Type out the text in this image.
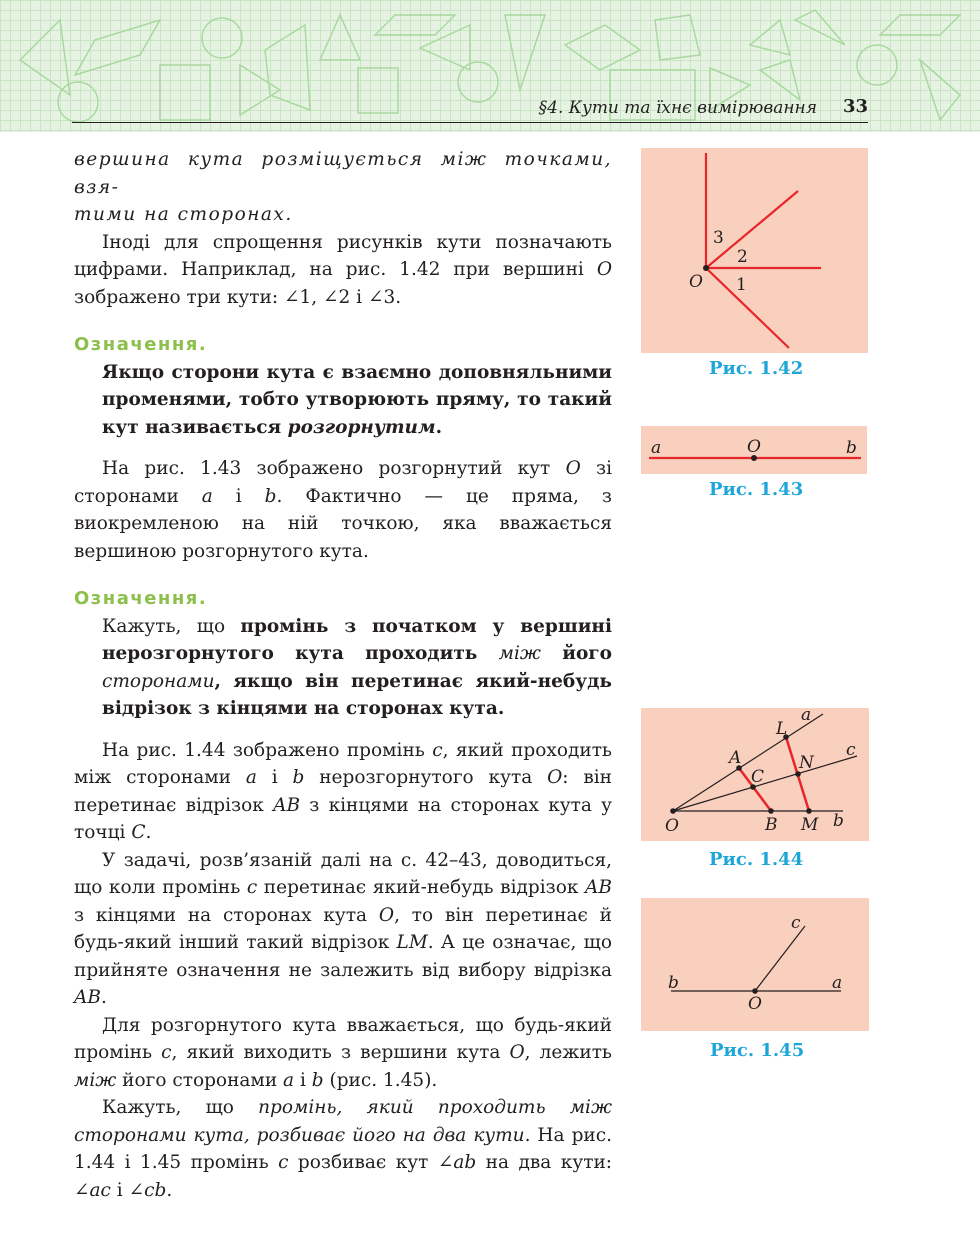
§4. Кути та їхнє вимірювання 33

вершина кута розміщується між точками, взя-
тими на сторонах.

Іноді для спрощення рисунків кути позначають цифрами. Наприклад, на рис. 1.42 при вершині O зображено три кути: ∠1, ∠2 і ∠3.

Означення.

Якщо сторони кута є взаємно доповняльними променями, тобто утворюють пряму, то такий кут називається розгорнутим.

На рис. 1.43 зображено розгорнутий кут O зі сторонами a і b. Фактично — це пряма, з виокремленою на ній точкою, яка вважається вершиною розгорнутого кута.

Означення.

Кажуть, що промінь з початком у вершині нерозгорнутого кута проходить між його сторонами, якщо він перетинає який-небудь відрізок з кінцями на сторонах кута.

На рис. 1.44 зображено промінь c, який проходить між сторонами a і b нерозгорнутого кута O: він перетинає відрізок AB з кінцями на сторонах кута у точці C.

У задачі, розв’язаній далі на с. 42–43, доводиться, що коли промінь c перетинає який-небудь відрізок AB з кінцями на сторонах кута O, то він перетинає й будь-який інший такий відрізок LM. А це означає, що прийняте означення не залежить від вибору відрізка AB.

Для розгорнутого кута вважається, що будь-який промінь c, який виходить з вершини кута O, лежить між його сторонами a і b (рис. 1.45).

Кажуть, що промінь, який проходить між сторонами кута, розбиває його на два кути. На рис. 1.44 і 1.45 промінь c розбиває кут ∠ab на два кути: ∠ac і ∠cb.

O 1
2
3
Рис. 1.42
a	O	b
Рис. 1.43
a
c
b
L
A	N
C
O	B M
Рис. 1.44
c
b	a
O
Рис. 1.45
